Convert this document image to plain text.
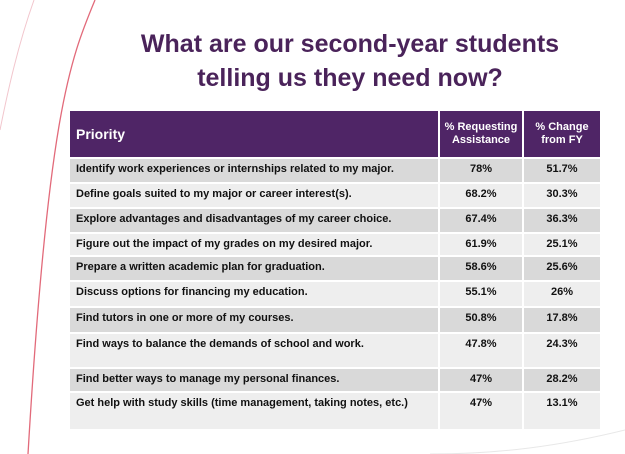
What are our second-year students
telling us they need now?
Priority	% Requesting Assistance	% Change from FY
Identify work experiences or internships related to my major.	78%	51.7%
Define goals suited to my major or career interest(s).	68.2%	30.3%
Explore advantages and disadvantages of my career choice.	67.4%	36.3%
Figure out the impact of my grades on my desired major.	61.9%	25.1%
Prepare a written academic plan for graduation.	58.6%	25.6%
Discuss options for financing my education.	55.1%	26%
Find tutors in one or more of my courses.	50.8%	17.8%
Find ways to balance the demands of school and work.	47.8%	24.3%
Find better ways to manage my personal finances.	47%	28.2%
Get help with study skills (time management, taking notes, etc.)	47%	13.1%
